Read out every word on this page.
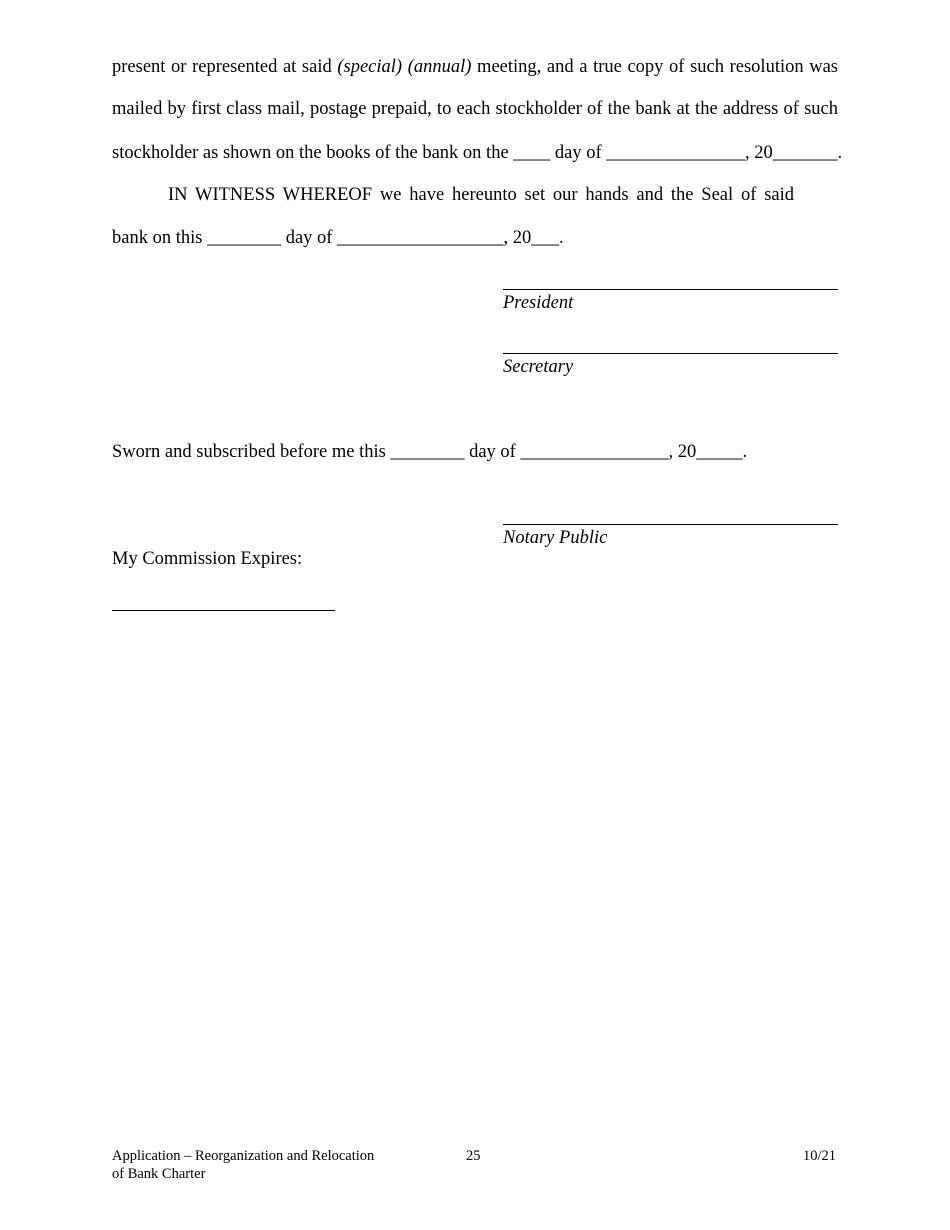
present or represented at said (special) (annual) meeting, and a true copy of such resolution was
mailed by first class mail, postage prepaid, to each stockholder of the bank at the address of such
stockholder as shown on the books of the bank on the ____ day of _______________, 20_______.
IN WITNESS WHEREOF we have hereunto set our hands and the Seal of said
bank on this ________ day of __________________, 20___.
President
Secretary
Sworn and subscribed before me this ________ day of ________________, 20_____.
Notary Public
My Commission Expires:
Application – Reorganization and Relocation
of Bank Charter
25	10/21
